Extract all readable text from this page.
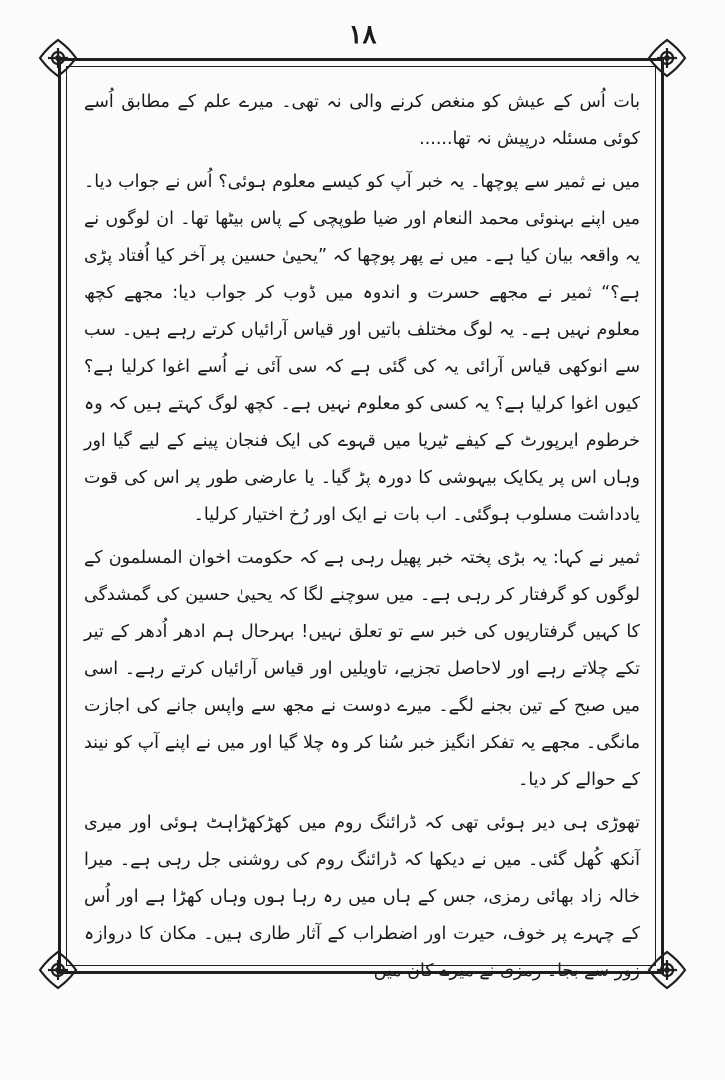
١٨

بات اُس کے عیش کو منغص کرنے والی نہ تھی۔ میرے علم کے مطابق اُسے کوئی مسئلہ درپیش نہ تھا......

میں نے ثمیر سے پوچھا۔ یہ خبر آپ کو کیسے معلوم ہوئی؟ اُس نے جواب دیا۔ میں اپنے بہنوئی محمد النعام اور ضیا طوپچی کے پاس بیٹھا تھا۔ ان لوگوں نے یہ واقعہ بیان کیا ہے۔ میں نے پھر پوچھا کہ ”یحییٰ حسین پر آخر کیا اُفتاد پڑی ہے؟“ ثمیر نے مجھے حسرت و اندوہ میں ڈوب کر جواب دیا: مجھے کچھ معلوم نہیں ہے۔ یہ لوگ مختلف باتیں اور قیاس آرائیاں کرتے رہے ہیں۔ سب سے انوکھی قیاس آرائی یہ کی گئی ہے کہ سی آئی نے اُسے اغوا کرلیا ہے؟ کیوں اغوا کرلیا ہے؟ یہ کسی کو معلوم نہیں ہے۔ کچھ لوگ کہتے ہیں کہ وہ خرطوم ایرپورٹ کے کیفے ٹیریا میں قہوے کی ایک فنجان پینے کے لیے گیا اور وہاں اس پر یکایک بیہوشی کا دورہ پڑ گیا۔ یا عارضی طور پر اس کی قوت یادداشت مسلوب ہوگئی۔ اب بات نے ایک اور رُخ اختیار کرلیا۔

ثمیر نے کہا: یہ بڑی پختہ خبر پھیل رہی ہے کہ حکومت اخوان المسلمون کے لوگوں کو گرفتار کر رہی ہے۔ میں سوچنے لگا کہ یحییٰ حسین کی گمشدگی کا کہیں گرفتاریوں کی خبر سے تو تعلق نہیں! بہرحال ہم ادھر اُدھر کے تیر تکے چلاتے رہے اور لاحاصل تجزیے، تاویلیں اور قیاس آرائیاں کرتے رہے۔ اسی میں صبح کے تین بجنے لگے۔ میرے دوست نے مجھ سے واپس جانے کی اجازت مانگی۔ مجھے یہ تفکر انگیز خبر سُنا کر وہ چلا گیا اور میں نے اپنے آپ کو نیند کے حوالے کر دیا۔

تھوڑی ہی دیر ہوئی تھی کہ ڈرائنگ روم میں کھڑکھڑاہٹ ہوئی اور میری آنکھ کُھل گئی۔ میں نے دیکھا کہ ڈرائنگ روم کی روشنی جل رہی ہے۔ میرا خالہ زاد بھائی رمزی، جس کے ہاں میں رہ رہا ہوں وہاں کھڑا ہے اور اُس کے چہرے پر خوف، حیرت اور اضطراب کے آثار طاری ہیں۔ مکان کا دروازہ زور سے بجا۔ رمزی نے میرے کان میں
